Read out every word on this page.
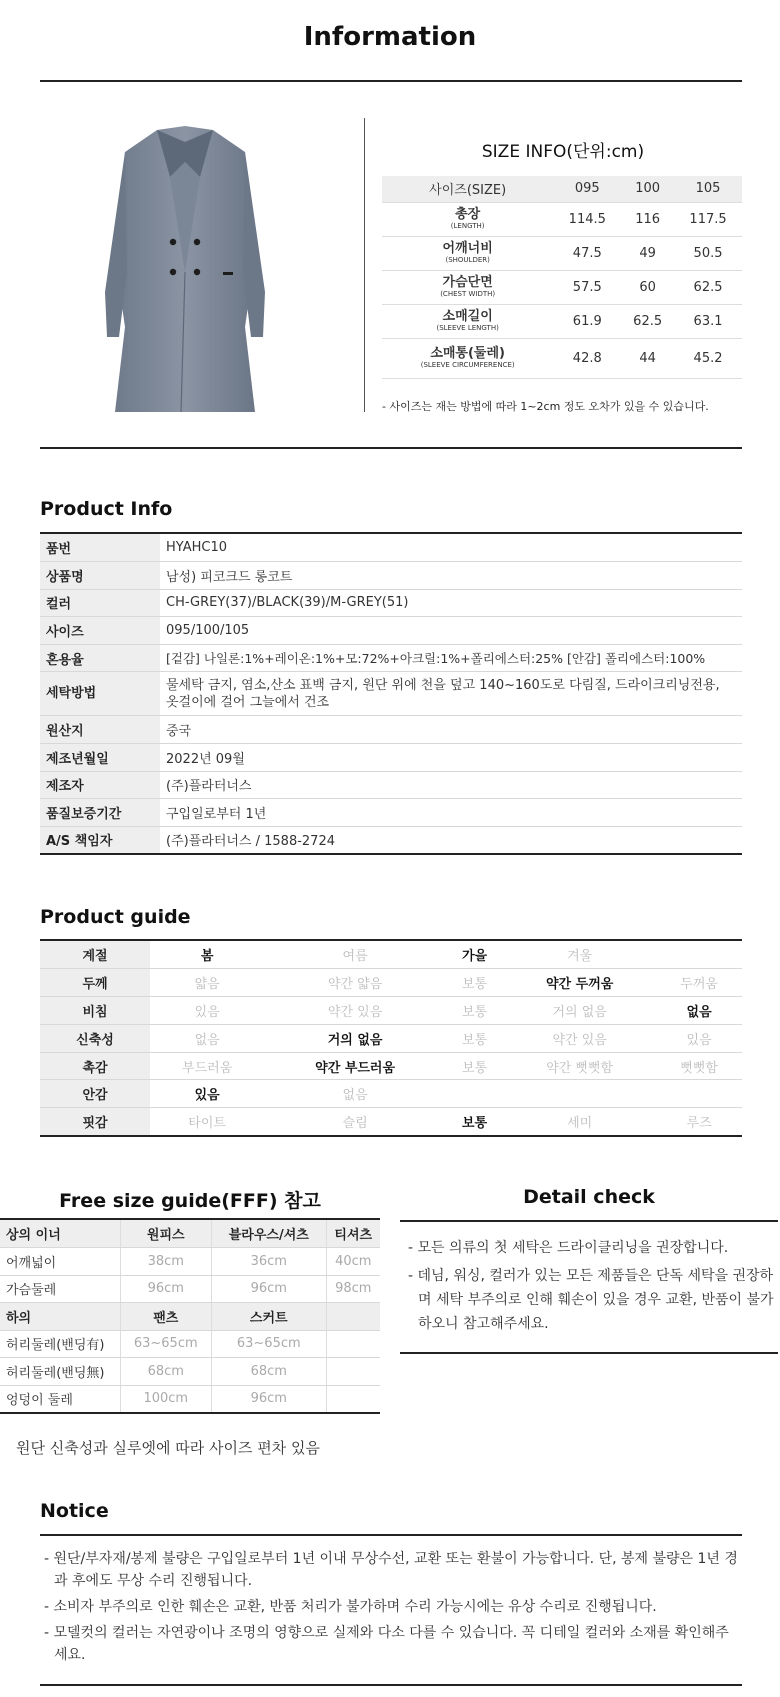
Information
SIZE INFO(단위:cm)
사이즈(SIZE)	095	100	105
총장
(LENGTH)	114.5	116	117.5
어깨너비
(SHOULDER)	47.5	49	50.5
가슴단면
(CHEST WIDTH)	57.5	60	62.5
소매길이
(SLEEVE LENGTH)	61.9	62.5	63.1
소매통(둘레)
(SLEEVE CIRCUMFERENCE)	42.8	44	45.2
- 사이즈는 재는 방법에 따라 1~2cm 정도 오차가 있을 수 있습니다.
Product Info
품번	HYAHC10
상품명	남성) 피코크드 롱코트
컬러	CH-GREY(37)/BLACK(39)/M-GREY(51)
사이즈	095/100/105
혼용율	[겉감] 나일론:1%+레이온:1%+모:72%+아크릴:1%+폴리에스터:25% [안감] 폴리에스터:100%
세탁방법	물세탁 금지, 염소,산소 표백 금지, 원단 위에 천을 덮고 140~160도로 다림질, 드라이크리닝전용, 옷걸이에 걸어 그늘에서 건조
원산지	중국
제조년월일	2022년 09월
제조자	(주)플라터너스
품질보증기간	구입일로부터 1년
A/S 책임자	(주)플라터너스 / 1588-2724
Product guide
계절	봄	여름	가을	겨울	
두께	얇음	약간 얇음	보통	약간 두꺼움	두꺼움
비침	있음	약간 있음	보통	거의 없음	없음
신축성	없음	거의 없음	보통	약간 있음	있음
촉감	부드러움	약간 부드러움	보통	약간 뻣뻣함	뻣뻣함
안감	있음	없음			
핏감	타이트	슬림	보통	세미	루즈
Free size guide(FFF) 참고
상의 이너	원피스	블라우스/셔츠	티셔츠
어깨넓이	38cm	36cm	40cm
가슴둘레	96cm	96cm	98cm
하의	팬츠	스커트	
허리둘레(밴딩有)	63~65cm	63~65cm	
허리둘레(밴딩無)	68cm	68cm	
엉덩이 둘레	100cm	96cm	
원단 신축성과 실루엣에 따라 사이즈 편차 있음
Detail check

- 모든 의류의 첫 세탁은 드라이클리닝을 권장합니다.

- 데님, 워싱, 컬러가 있는 모든 제품들은 단독 세탁을 권장하며 세탁 부주의로 인해 훼손이 있을 경우 교환, 반품이 불가하오니 참고해주세요.

Notice

- 원단/부자재/봉제 불량은 구입일로부터 1년 이내 무상수선, 교환 또는 환불이 가능합니다. 단, 봉제 불량은 1년 경과 후에도 무상 수리 진행됩니다.

- 소비자 부주의로 인한 훼손은 교환, 반품 처리가 불가하며 수리 가능시에는 유상 수리로 진행됩니다.

- 모델컷의 컬러는 자연광이나 조명의 영향으로 실제와 다소 다를 수 있습니다. 꼭 디테일 컬러와 소재를 확인해주세요.
